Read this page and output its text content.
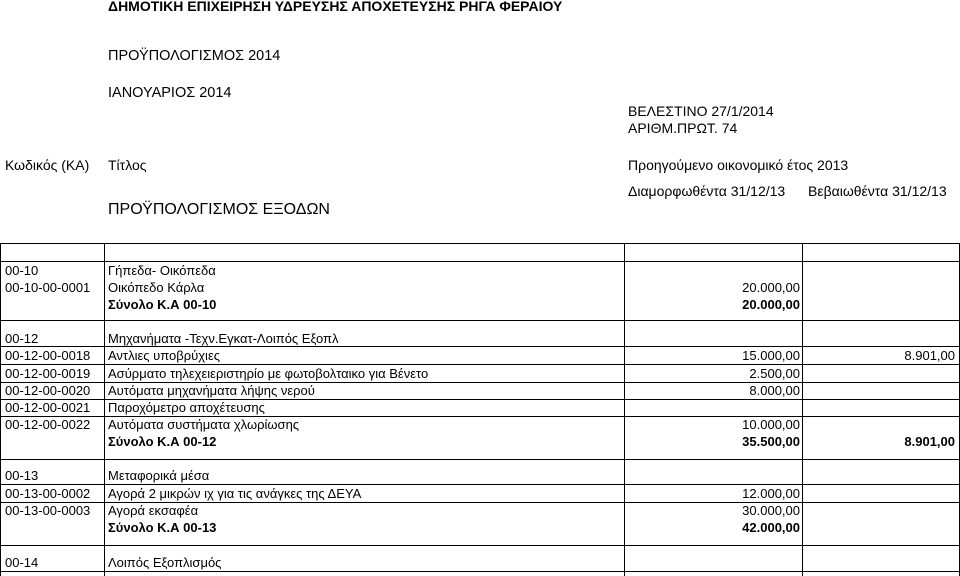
ΔΗΜΟΤΙΚΗ ΕΠΙΧΕΙΡΗΣΗ ΥΔΡΕΥΣΗΣ ΑΠΟΧΕΤΕΥΣΗΣ ΡΗΓΑ ΦΕΡΑΙΟΥ
ΠΡΟΫΠΟΛΟΓΙΣΜΟΣ 2014
ΙΑΝΟΥΑΡΙΟΣ 2014
ΒΕΛΕΣΤΙΝΟ 27/1/2014
ΑΡΙΘΜ.ΠΡΩΤ. 74
Κωδικός (ΚΑ) Τίτλος	Προηγούμενο οικονομικό έτος 2013
Διαμορφωθέντα 31/12/13 Βεβαιωθέντα 31/12/13
ΠΡΟΫΠΟΛΟΓΙΣΜΟΣ ΕΞΟΔΩΝ
00-10	Γήπεδα- Οικόπεδα
00-10-00-0001 Οικόπεδο Κάρλα	20.000,00
Σύνολο Κ.Α 00-10	20.000,00
00-12	Μηχανήματα -Τεχν.Εγκατ-Λοιπός Εξοπλ
00-12-00-0018 Αντλιες υποβρύχιες	15.000,00	8.901,00
00-12-00-0019 Ασύρματο τηλεχειεριστηρίο με φωτοβολταικο για Βένετο	2.500,00
00-12-00-0020 Αυτόματα μηχανήματα λήψης νερού	8.000,00
00-12-00-0021 Παροχόμετρο αποχέτευσης
00-12-00-0022 Αυτόματα συστήματα χλωρίωσης	10.000,00
Σύνολο Κ.Α 00-12	35.500,00	8.901,00
00-13	Μεταφορικά μέσα
00-13-00-0002 Αγορά 2 μικρών ιχ για τις ανάγκες της ΔΕΥΑ	12.000,00
00-13-00-0003 Αγορά εκσαφέα	30.000,00
Σύνολο Κ.Α 00-13	42.000,00
00-14	Λοιπός Εξοπλισμός
